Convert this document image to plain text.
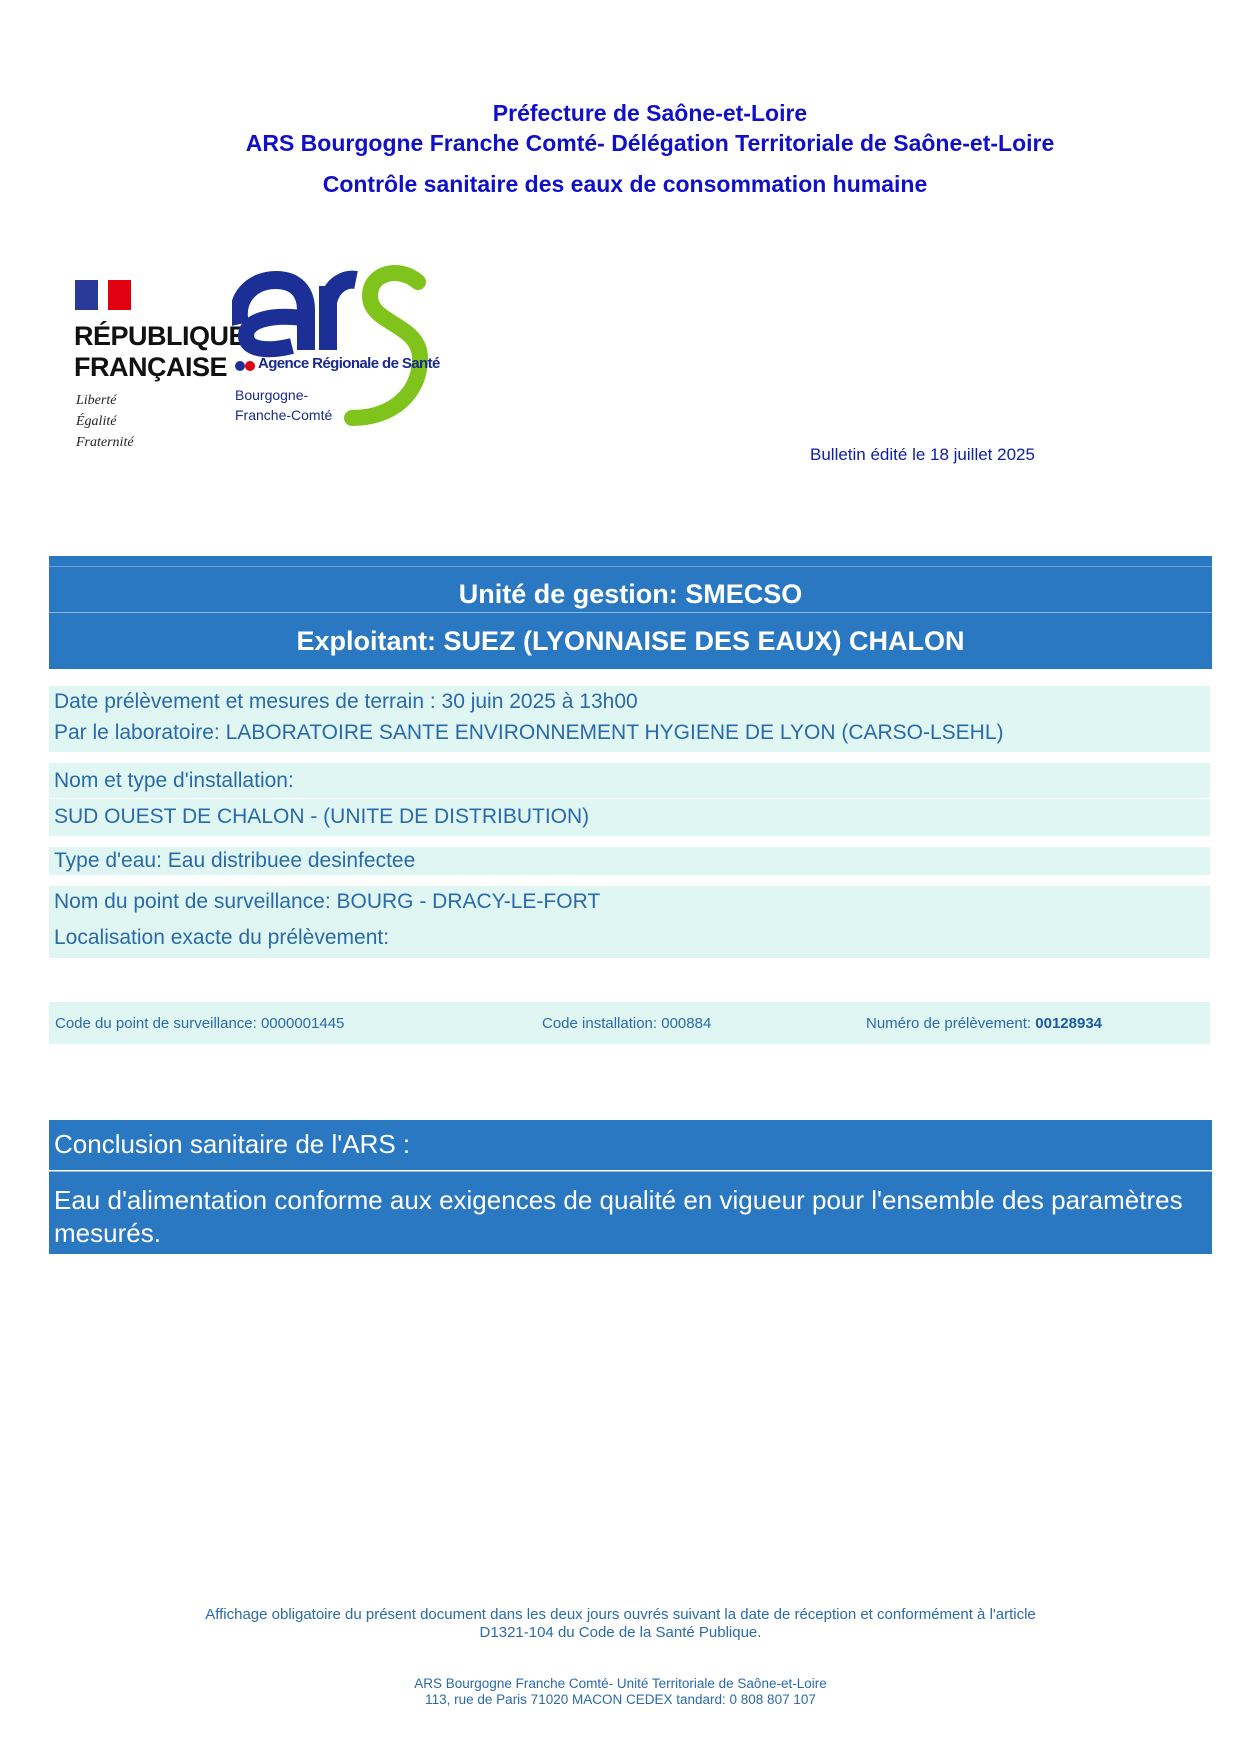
Préfecture de Saône-et-Loire
ARS Bourgogne Franche Comté- Délégation Territoriale de Saône-et-Loire
Contrôle sanitaire des eaux de consommation humaine
RÉPUBLIQUE
FRANÇAISE
Liberté
Égalité
Fraternité
Agence Régionale de Santé
Bourgogne-
Franche-Comté
Bulletin édité le 18 juillet 2025
Unité de gestion: SMECSO
Exploitant: SUEZ (LYONNAISE DES EAUX) CHALON
Date prélèvement et mesures de terrain : 30 juin 2025 à 13h00
Par le laboratoire: LABORATOIRE SANTE ENVIRONNEMENT HYGIENE DE LYON (CARSO-LSEHL)
Nom et type d'installation:
SUD OUEST DE CHALON - (UNITE DE DISTRIBUTION)
Type d'eau: Eau distribuee desinfectee
Nom du point de surveillance: BOURG - DRACY-LE-FORT
Localisation exacte du prélèvement:
Code du point de surveillance: 0000001445	Code installation: 000884	Numéro de prélèvement: 00128934
Conclusion sanitaire de l'ARS :
Eau d'alimentation conforme aux exigences de qualité en vigueur pour l'ensemble des paramètres mesurés.
Affichage obligatoire du présent document dans les deux jours ouvrés suivant la date de réception et conformément à l'article
D1321-104 du Code de la Santé Publique.
ARS Bourgogne Franche Comté- Unité Territoriale de Saône-et-Loire
113, rue de Paris 71020 MACON CEDEX tandard: 0 808 807 107
